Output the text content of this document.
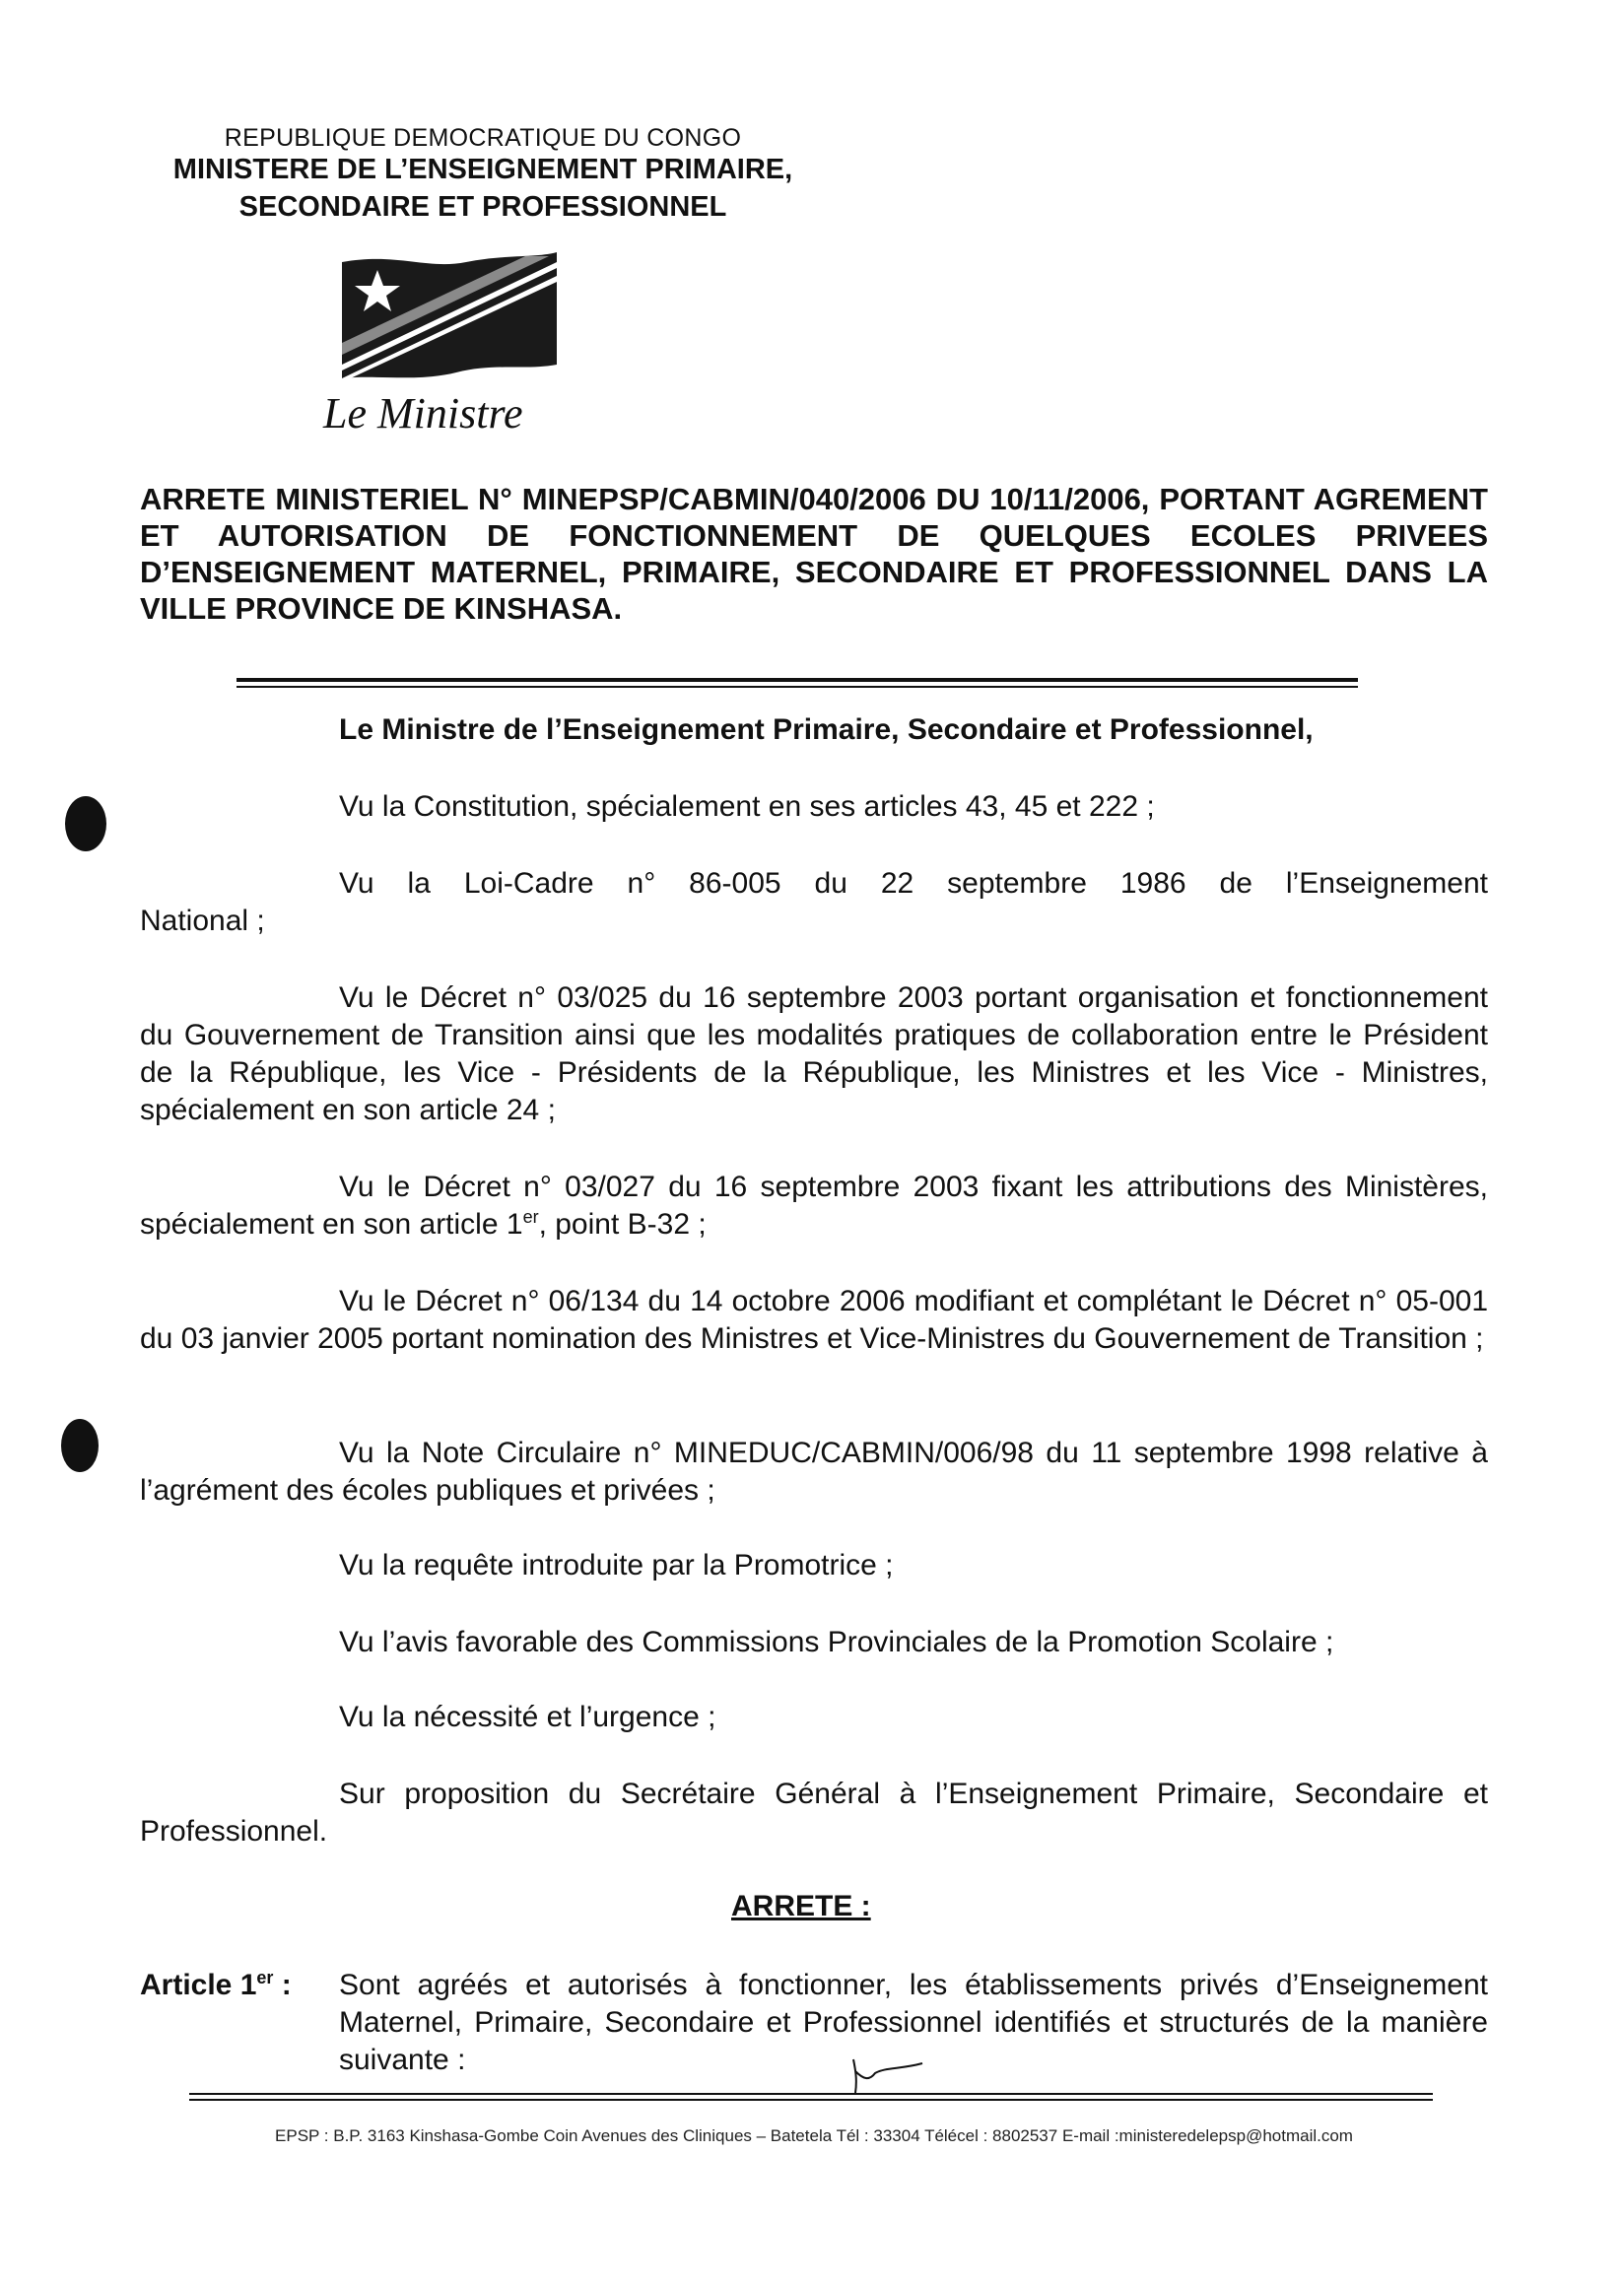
REPUBLIQUE DEMOCRATIQUE DU CONGO
MINISTERE DE L’ENSEIGNEMENT PRIMAIRE,
SECONDAIRE ET PROFESSIONNEL
Le Ministre
ARRETE MINISTERIEL N° MINEPSP/CABMIN/040/2006 DU 10/11/2006, PORTANT AGREMENT ET AUTORISATION DE FONCTIONNEMENT DE QUELQUES ECOLES PRIVEES D’ENSEIGNEMENT MATERNEL, PRIMAIRE, SECONDAIRE ET PROFESSIONNEL DANS LA VILLE PROVINCE DE KINSHASA.
Le Ministre de l’Enseignement Primaire, Secondaire et Professionnel,
Vu la Constitution, spécialement en ses articles 43, 45 et 222 ;
Vu la Loi-Cadre n° 86-005 du 22 septembre 1986 de l’Enseignement
National ;
Vu le Décret n° 03/025 du 16 septembre 2003 portant organisation et fonctionnement du Gouvernement de Transition ainsi que les modalités pratiques de collaboration entre le Président de la République, les Vice - Présidents de la République, les Ministres et les Vice - Ministres, spécialement en son article 24 ;
Vu le Décret n° 03/027 du 16 septembre 2003 fixant les attributions des Ministères, spécialement en son article 1er, point B-32 ;
Vu le Décret n° 06/134 du 14 octobre 2006 modifiant et complétant le Décret n° 05-001 du 03 janvier 2005 portant nomination des Ministres et Vice-Ministres du Gouvernement de Transition ;
Vu la Note Circulaire n° MINEDUC/CABMIN/006/98 du 11 septembre 1998 relative à l’agrément des écoles publiques et privées ;
Vu la requête introduite par la Promotrice ;
Vu l’avis favorable des Commissions Provinciales de la Promotion Scolaire ;
Vu la nécessité et l’urgence ;
Sur proposition du Secrétaire Général à l’Enseignement Primaire, Secondaire et Professionnel.
ARRETE :
Article 1er : Sont agréés et autorisés à fonctionner, les établissements privés d’Enseignement Maternel, Primaire, Secondaire et Professionnel identifiés et structurés de la manière suivante :
EPSP : B.P. 3163 Kinshasa-Gombe Coin Avenues des Cliniques – Batetela Tél : 33304 Télécel : 8802537 E-mail :ministeredelepsp@hotmail.com
